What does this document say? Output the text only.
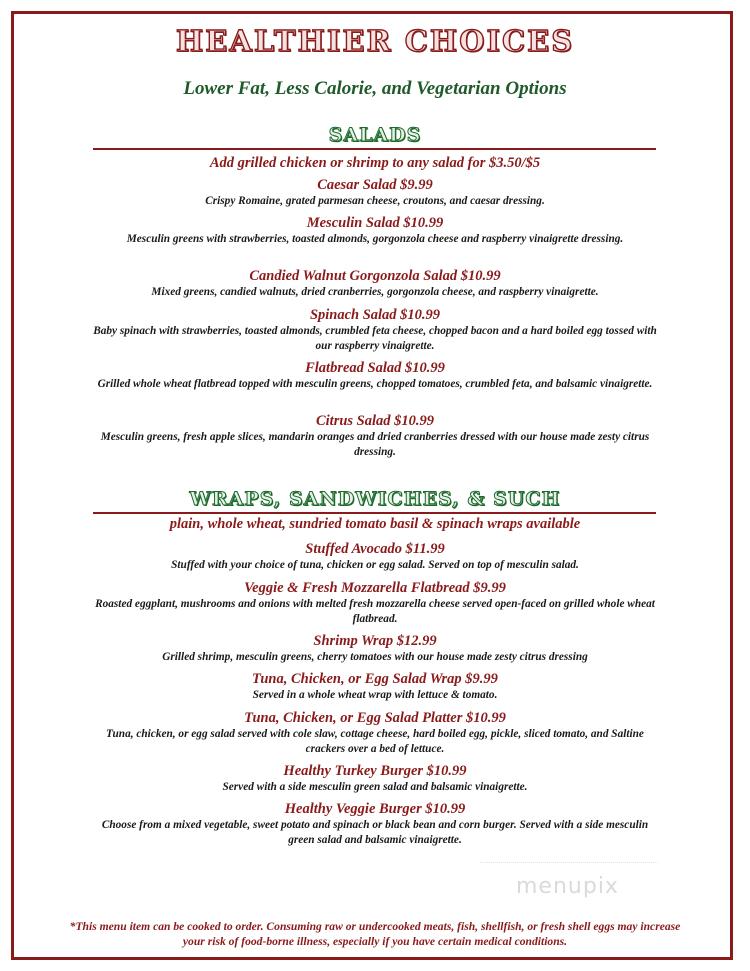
HEALTHIER CHOICES
Lower Fat, Less Calorie, and Vegetarian Options
SALADS
Add grilled chicken or shrimp to any salad for $3.50/$5
Caesar Salad $9.99
Crispy Romaine, grated parmesan cheese, croutons, and caesar dressing.
Mesculin Salad $10.99
Mesculin greens with strawberries, toasted almonds, gorgonzola cheese and raspberry vinaigrette dressing.
Candied Walnut Gorgonzola Salad $10.99
Mixed greens, candied walnuts, dried cranberries, gorgonzola cheese, and raspberry vinaigrette.
Spinach Salad $10.99
Baby spinach with strawberries, toasted almonds, crumbled feta cheese, chopped bacon and a hard boiled egg tossed with our raspberry vinaigrette.
Flatbread Salad $10.99
Grilled whole wheat flatbread topped with mesculin greens, chopped tomatoes, crumbled feta, and balsamic vinaigrette.
Citrus Salad $10.99
Mesculin greens, fresh apple slices, mandarin oranges and dried cranberries dressed with our house made zesty citrus dressing.
WRAPS, SANDWICHES, & SUCH
plain, whole wheat, sundried tomato basil & spinach wraps available
Stuffed Avocado $11.99
Stuffed with your choice of tuna, chicken or egg salad. Served on top of mesculin salad.
Veggie & Fresh Mozzarella Flatbread $9.99
Roasted eggplant, mushrooms and onions with melted fresh mozzarella cheese served open-faced on grilled whole wheat flatbread.
Shrimp Wrap $12.99
Grilled shrimp, mesculin greens, cherry tomatoes with our house made zesty citrus dressing
Tuna, Chicken, or Egg Salad Wrap $9.99
Served in a whole wheat wrap with lettuce & tomato.
Tuna, Chicken, or Egg Salad Platter $10.99
Tuna, chicken, or egg salad served with cole slaw, cottage cheese, hard boiled egg, pickle, sliced tomato, and Saltine crackers over a bed of lettuce.
Healthy Turkey Burger $10.99
Served with a side mesculin green salad and balsamic vinaigrette.
Healthy Veggie Burger $10.99
Choose from a mixed vegetable, sweet potato and spinach or black bean and corn burger. Served with a side mesculin green salad and balsamic vinaigrette.
menupix
*This menu item can be cooked to order. Consuming raw or undercooked meats, fish, shellfish, or fresh shell eggs may increase your risk of food-borne illness, especially if you have certain medical conditions.
